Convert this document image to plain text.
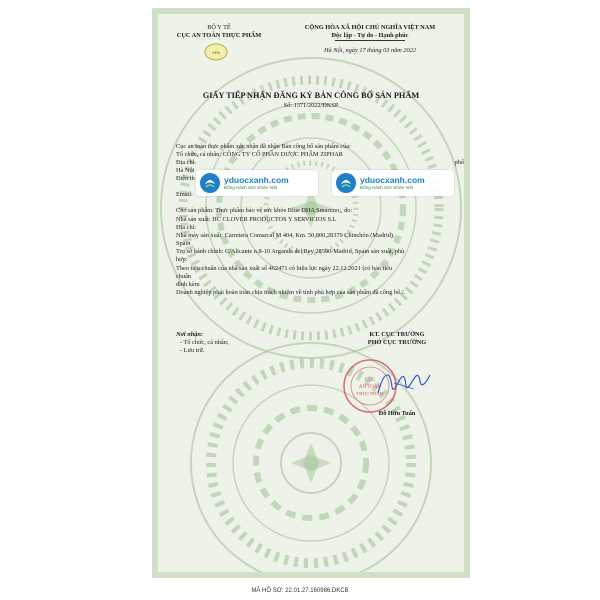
BỘ Y TẾ
CỤC AN TOÀN THỰC PHẨM
VFA
CỘNG HÒA XÃ HỘI CHỦ NGHĨA VIỆT NAM
Độc lập - Tự do - Hạnh phúc
Hà Nội, ngày 17 tháng 03 năm 2022
GIẤY TIẾP NHẬN ĐĂNG KÝ BẢN CÔNG BỐ SẢN PHẨM
Số: 1371/2022/ĐKSP
Cục an toàn thực phẩm xác nhận đã nhận Bản công bố sản phẩm của:
Tổ chức, cá nhân: CÔNG TY CỔ PHẦN DƯỢC PHẨM ZIPHAR
Địa chỉ	phố
Hà Nội
Điện th
Email:
Cho sản phẩm: Thực phẩm bảo vệ sức khỏe Blue DHA Smartino;, do:
Nhà sản xuất: HC CLOVER PRODUCTOS Y SERVICIOS S.L
Địa chỉ:
Nhà máy sản xuất: Carretera Comarcal M 404, Km. 50,800,28370 Chinchón (Madrid),
Spain
Trụ sở hành chính: C/Alicante n.8-10 Arganda del Rey 28500-Madrid, Spain sản xuất, phù
hợp:
Theo tiêu chuẩn của nhà sản xuất số 462471 có hiệu lực ngày 22.12.2021 (có bản tiêu
chuẩn
đính kèm
Doanh nghiệp phải hoàn toàn chịu trách nhiệm về tính phù hợp của sản phẩm đã công bố./.
yduocxanh.com
Đồng Hành Sức Khỏe Việt
yduocxanh.com
Đồng Hành Sức Khỏe Việt
Nơi nhận:
- Tổ chức, cá nhân;
- Lưu trữ.
KT. CỤC TRƯỞNG
PHÓ CỤC TRƯỞNG
CỤC
AN TOÀN
THỰC PHẨM
Đỗ Hữu Tuấn
MÃ HỒ SƠ: 22.01.27.160986.DKCB
